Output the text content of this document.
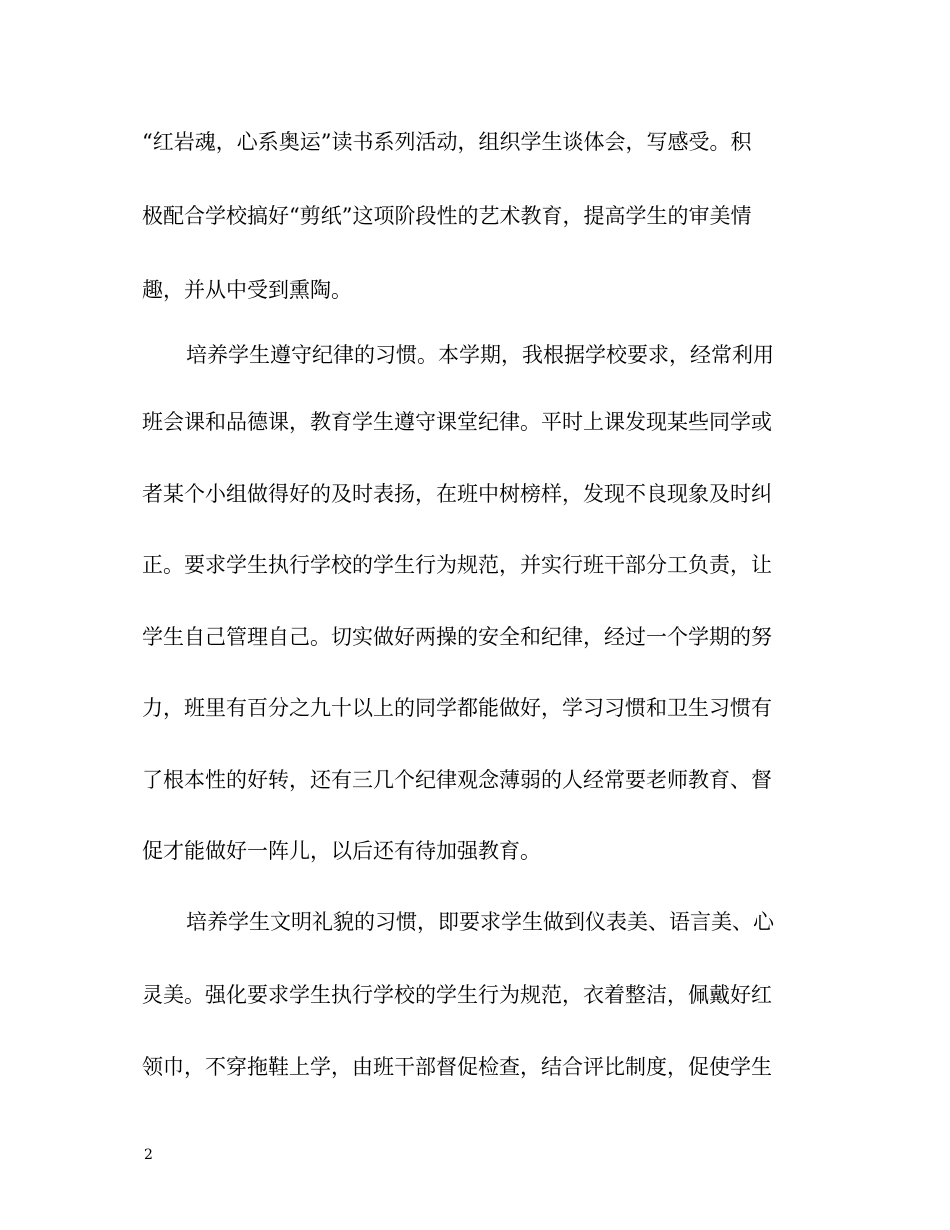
“红岩魂，心系奥运”读书系列活动，组织学生谈体会，写感受。积
极配合学校搞好“剪纸”这项阶段性的艺术教育，提高学生的审美情
趣，并从中受到熏陶。
培养学生遵守纪律的习惯。本学期，我根据学校要求，经常利用
班会课和品德课，教育学生遵守课堂纪律。平时上课发现某些同学或
者某个小组做得好的及时表扬，在班中树榜样，发现不良现象及时纠
正。要求学生执行学校的学生行为规范，并实行班干部分工负责，让
学生自己管理自己。切实做好两操的安全和纪律，经过一个学期的努
力，班里有百分之九十以上的同学都能做好，学习习惯和卫生习惯有
了根本性的好转，还有三几个纪律观念薄弱的人经常要老师教育、督
促才能做好一阵儿，以后还有待加强教育。
培养学生文明礼貌的习惯，即要求学生做到仪表美、语言美、心
灵美。强化要求学生执行学校的学生行为规范，衣着整洁，佩戴好红
领巾，不穿拖鞋上学，由班干部督促检查，结合评比制度，促使学生
2
